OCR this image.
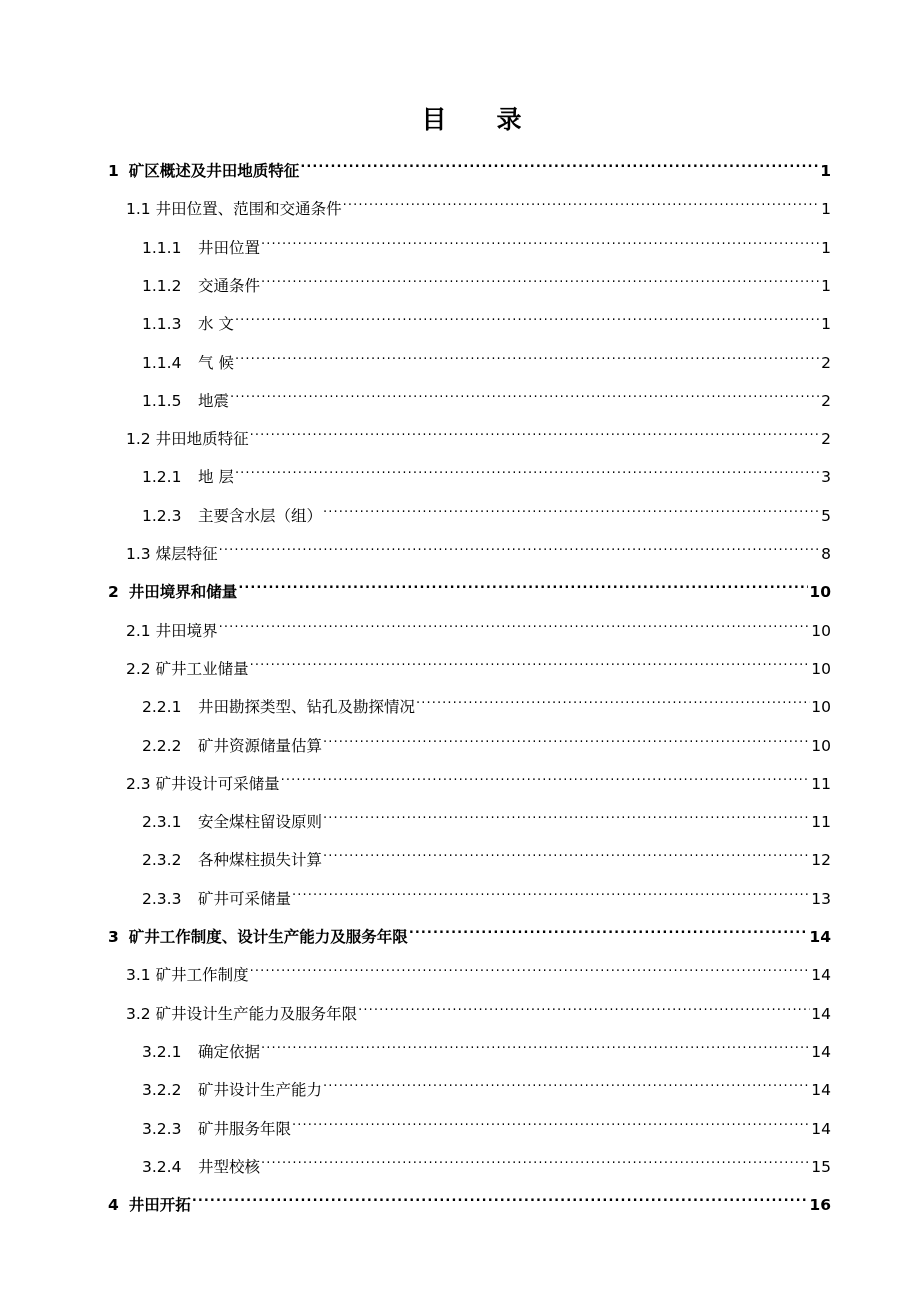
目　　录
1 矿区概述及井田地质特征 .....	1
1.1 井田位置、范围和交通条件 .....	1
1.1.1	井田位置 .....	1
1.1.2	交通条件 .....	1
1.1.3	水 文 .....	1
1.1.4	气 候 .....	2
1.1.5	地震 .....	2
1.2 井田地质特征 .....	2
1.2.1	地 层 .....	3
1.2.3	主要含水层（组） .....	5
1.3 煤层特征 .....	8
2 井田境界和储量 .....	10
2.1 井田境界 .....	10
2.2 矿井工业储量 .....	10
2.2.1	井田勘探类型、钻孔及勘探情况 .....	10
2.2.2	矿井资源储量估算 .....	10
2.3 矿井设计可采储量 .....	11
2.3.1	安全煤柱留设原则 .....	11
2.3.2	各种煤柱损失计算 .....	12
2.3.3	矿井可采储量 .....	13
3 矿井工作制度、设计生产能力及服务年限 .....	14
3.1 矿井工作制度 .....	14
3.2 矿井设计生产能力及服务年限 .....	14
3.2.1	确定依据 .....	14
3.2.2	矿井设计生产能力 .....	14
3.2.3	矿井服务年限 .....	14
3.2.4	井型校核 .....	15
4 井田开拓 .....	16
